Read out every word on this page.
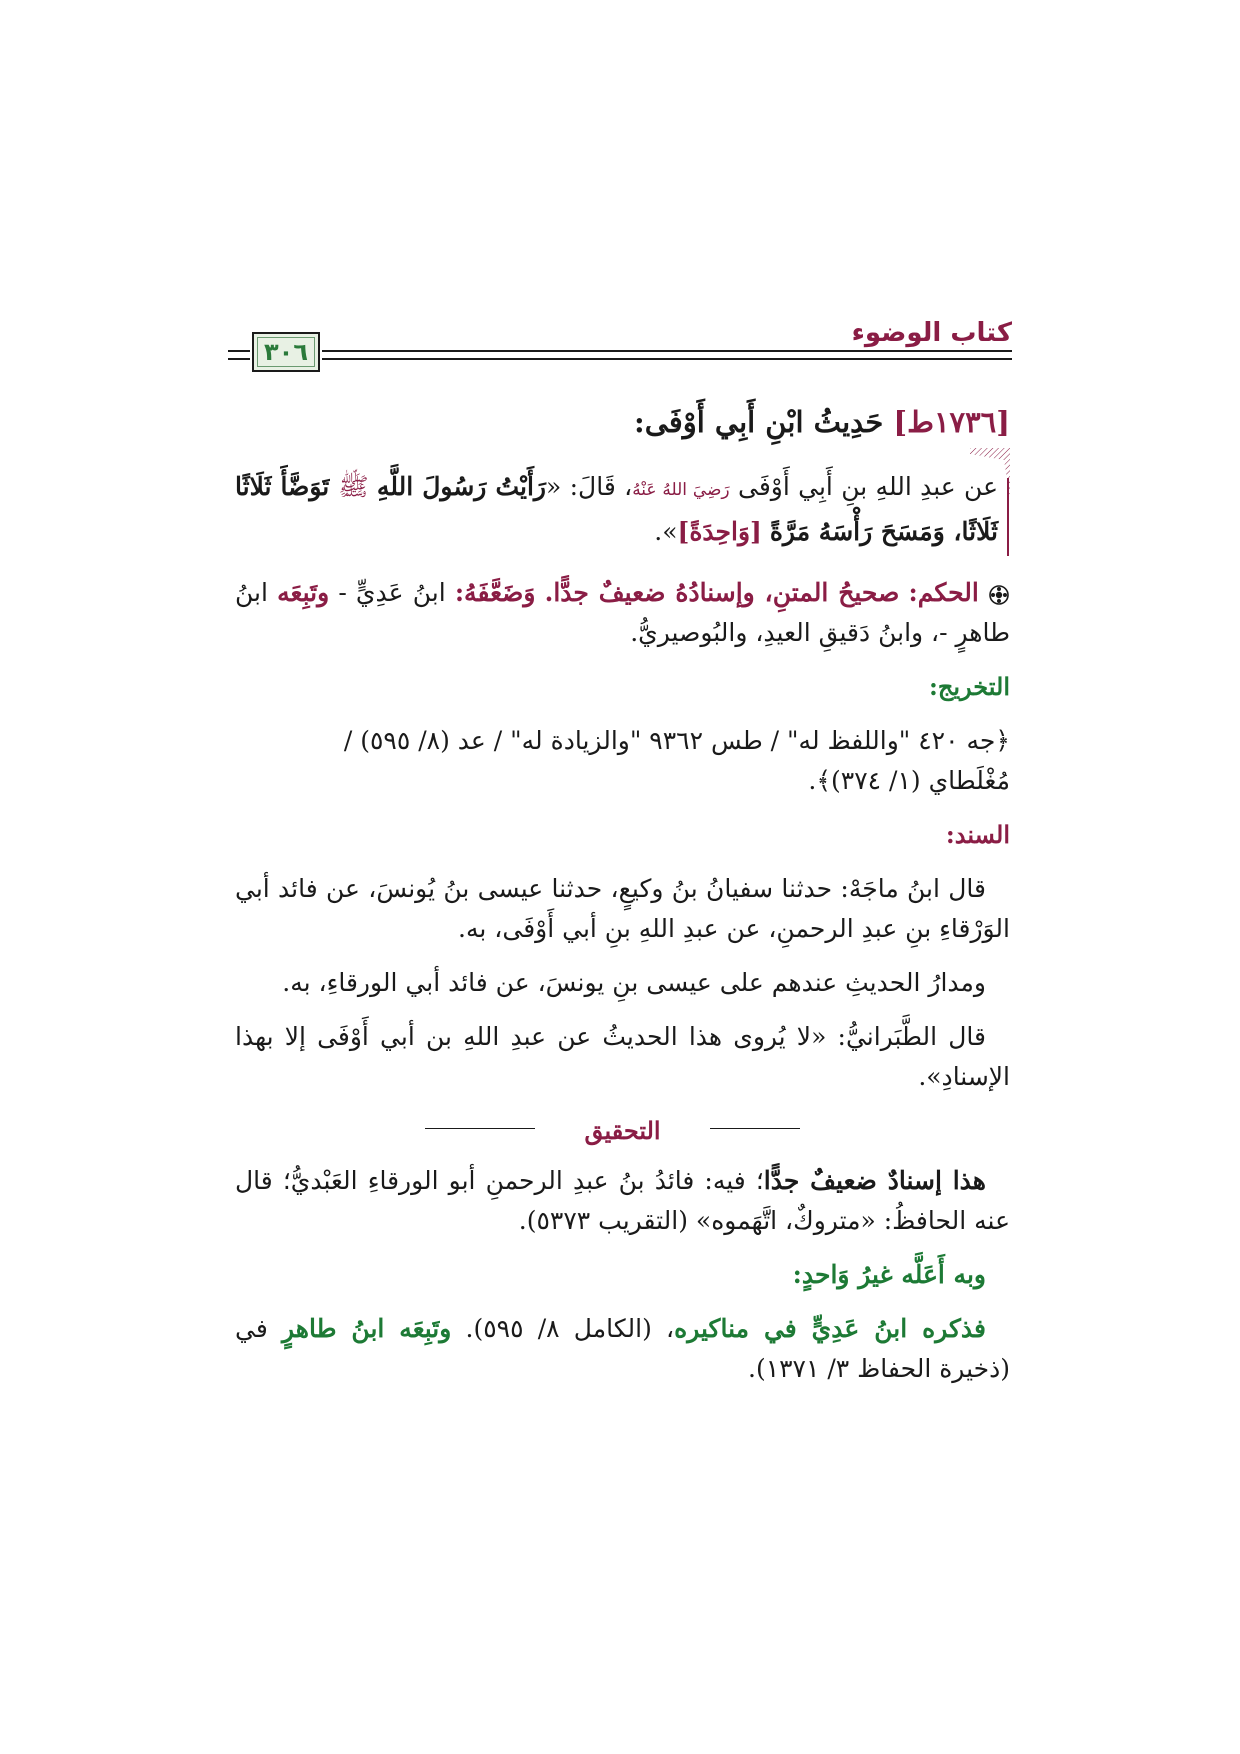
كتاب الوضوء
٣٠٦
[١٧٣٦ط] حَدِيثُ ابْنِ أَبِي أَوْفَى:
عن عبدِ اللهِ بنِ أَبِي أَوْفَى رَضِيَ اللهُ عَنْهُ، قَالَ: «رَأَيْتُ رَسُولَ اللَّهِ ﷺ تَوَضَّأَ ثَلَاثًا ثَلَاثًا، وَمَسَحَ رَأْسَهُ مَرَّةً [وَاحِدَةً]».
الحكم: صحيحُ المتنِ، وإسنادُهُ ضعيفٌ جدًّا. وَضَعَّفَهُ: ابنُ عَدِيٍّ - وتَبِعَه ابنُ طاهرٍ -، وابنُ دَقيقِ العيدِ، والبُوصيريُّ.
التخريج:
﴿جه ٤٢٠ "واللفظ له" / طس ٩٣٦٢ "والزيادة له" / عد (٨/ ٥٩٥) /
مُغْلَطاي (١/ ٣٧٤)﴾.
السند:
قال ابنُ ماجَهْ: حدثنا سفيانُ بنُ وكيعٍ، حدثنا عيسى بنُ يُونسَ، عن فائد أبي الوَرْقاءِ بنِ عبدِ الرحمنِ، عن عبدِ اللهِ بنِ أبي أَوْفَى، به.
ومدارُ الحديثِ عندهم على عيسى بنِ يونسَ، عن فائد أبي الورقاءِ، به.
قال الطَّبَرانيُّ: «لا يُروى هذا الحديثُ عن عبدِ اللهِ بن أبي أَوْفَى إلا بهذا الإسنادِ».
التحقيق
هذا إسنادٌ ضعيفٌ جدًّا؛ فيه: فائدُ بنُ عبدِ الرحمنِ أبو الورقاءِ العَبْديُّ؛ قال عنه الحافظُ: «متروكٌ، اتَّهَموه» (التقريب ٥٣٧٣).
وبه أَعَلَّه غيرُ وَاحدٍ:
فذكره ابنُ عَدِيٍّ في مناكيره، (الكامل ٨/ ٥٩٥). وتَبِعَه ابنُ طاهرٍ في (ذخيرة الحفاظ ٣/ ١٣٧١).
